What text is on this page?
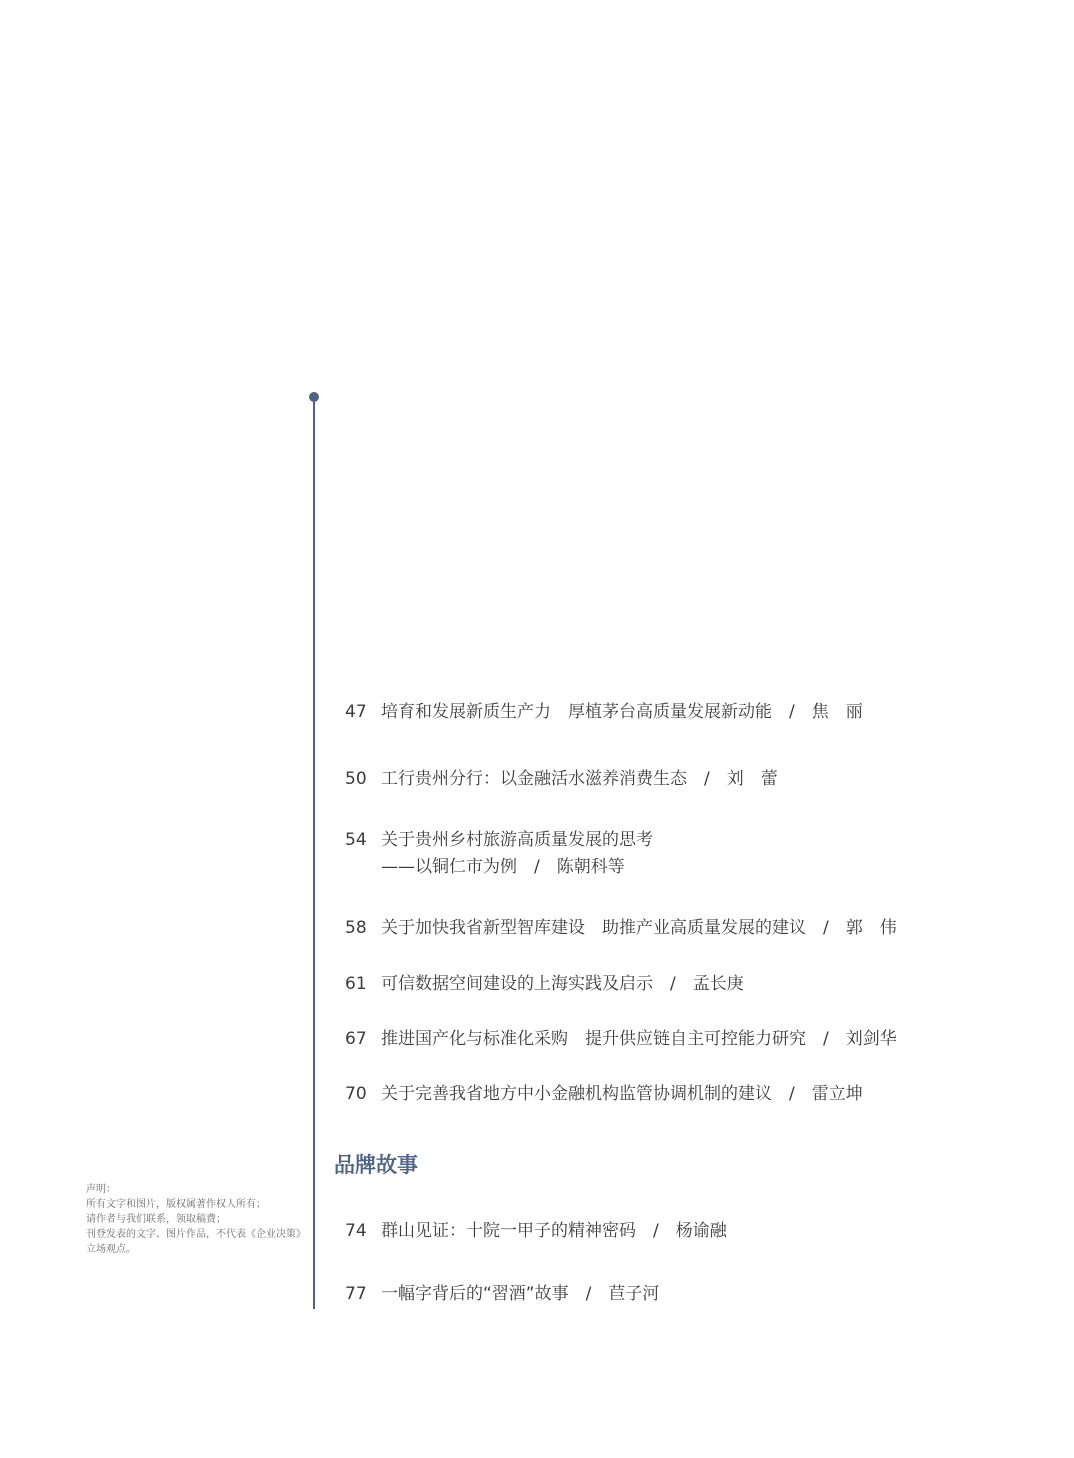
47 培育和发展新质生产力　厚植茅台高质量发展新动能　/　焦　丽
50 工行贵州分行：以金融活水滋养消费生态　/　刘　蕾
54 关于贵州乡村旅游高质量发展的思考
——以铜仁市为例　/　陈朝科等
58 关于加快我省新型智库建设　助推产业高质量发展的建议　/　郭　伟
61 可信数据空间建设的上海实践及启示　/　孟长庚
67 推进国产化与标准化采购　提升供应链自主可控能力研究　/　刘剑华
70 关于完善我省地方中小金融机构监管协调机制的建议　/　雷立坤
品牌故事
74 群山见证：十院一甲子的精神密码　/　杨谕融
77 一幅字背后的“習酒”故事　/　苣子河

声明：

所有文字和图片，版权属著作权人所有；

请作者与我们联系，领取稿费；

刊登发表的文字、图片作品，不代表《企业决策》立场观点。
